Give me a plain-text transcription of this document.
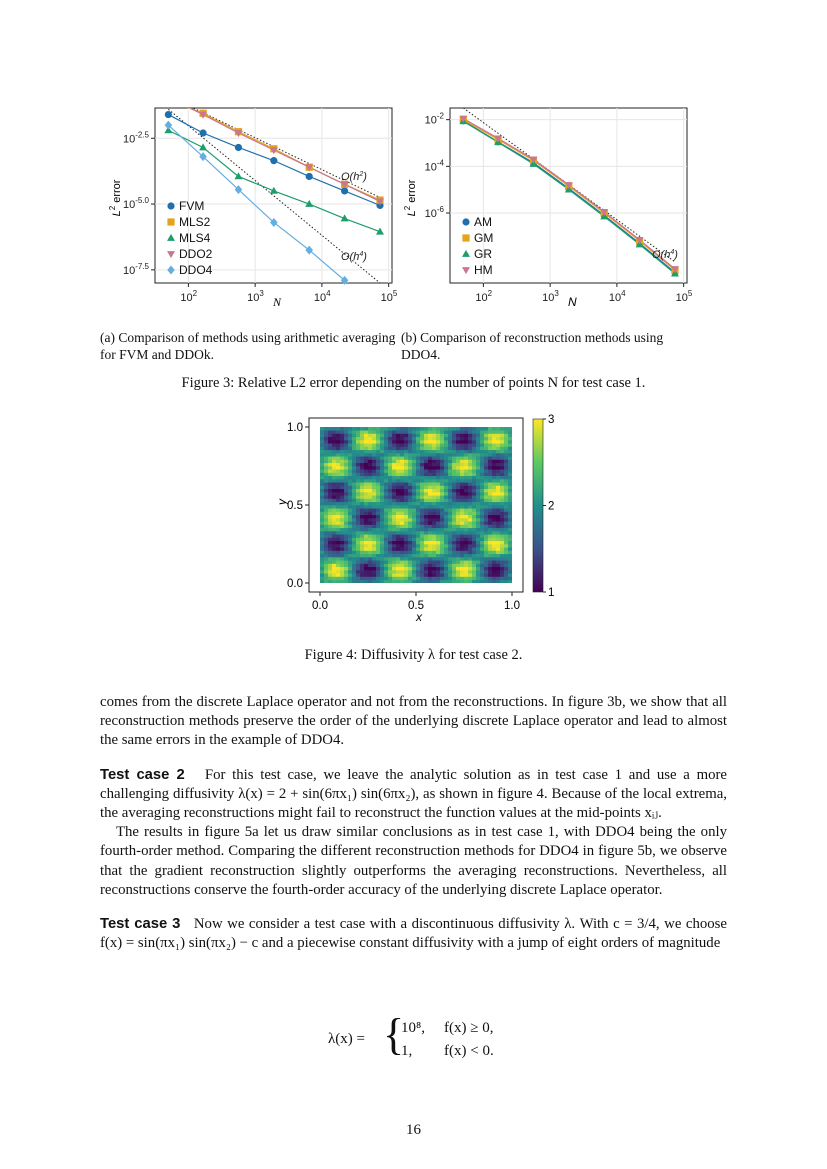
$10^2$	$10^3$	$10^4$	$10^5$
$10^{-2.5}$
$10^{-5.0}$
$10^{-7.5}$
$O(h^2)$
$O(h^4)$
FVM
MLS2
MLS4
DDO2
DDO4
N
$L^2$ error
$10^2$	$10^3$	$10^4$	$10^5$
$10^{-2}$
$10^{-4}$
$10^{-6}$
$O(h^4)$
AM
GM
GR
HM
N
$L^2$ error
(a) Comparison of methods using arithmetic averaging for FVM and DDOk.
(b) Comparison of reconstruction methods using DDO4.
Figure 3: Relative L2 error depending on the number of points N for test case 1.
0.0	0.5	1.0
0.0
0.5
1.0
1
2
3
x
y
Figure 4: Diffusivity λ for test case 2.

comes from the discrete Laplace operator and not from the reconstructions. In figure 3b, we show that all reconstruction methods preserve the order of the underlying discrete Laplace operator and lead to almost the same errors in the example of DDO4.

Test case 2 For this test case, we leave the analytic solution as in test case 1 and use a more challenging diffusivity λ(x) = 2 + sin(6πx₁) sin(6πx₂), as shown in figure 4. Because of the local extrema, the averaging reconstructions might fail to reconstruct the function values at the mid-points xᵢⱼ.

The results in figure 5a let us draw similar conclusions as in test case 1, with DDO4 being the only fourth-order method. Comparing the different reconstruction methods for DDO4 in figure 5b, we observe that the gradient reconstruction slightly outperforms the averaging reconstructions. Nevertheless, all reconstructions conserve the fourth-order accuracy of the underlying discrete Laplace operator.

Test case 3 Now we consider a test case with a discontinuous diffusivity λ. With c = 3/4, we choose f(x) = sin(πx₁) sin(πx₂) − c and a piecewise constant diffusivity with a jump of eight orders of magnitude

λ(x) = {
10⁸, f(x) ≥ 0,
1, f(x) < 0.
16
